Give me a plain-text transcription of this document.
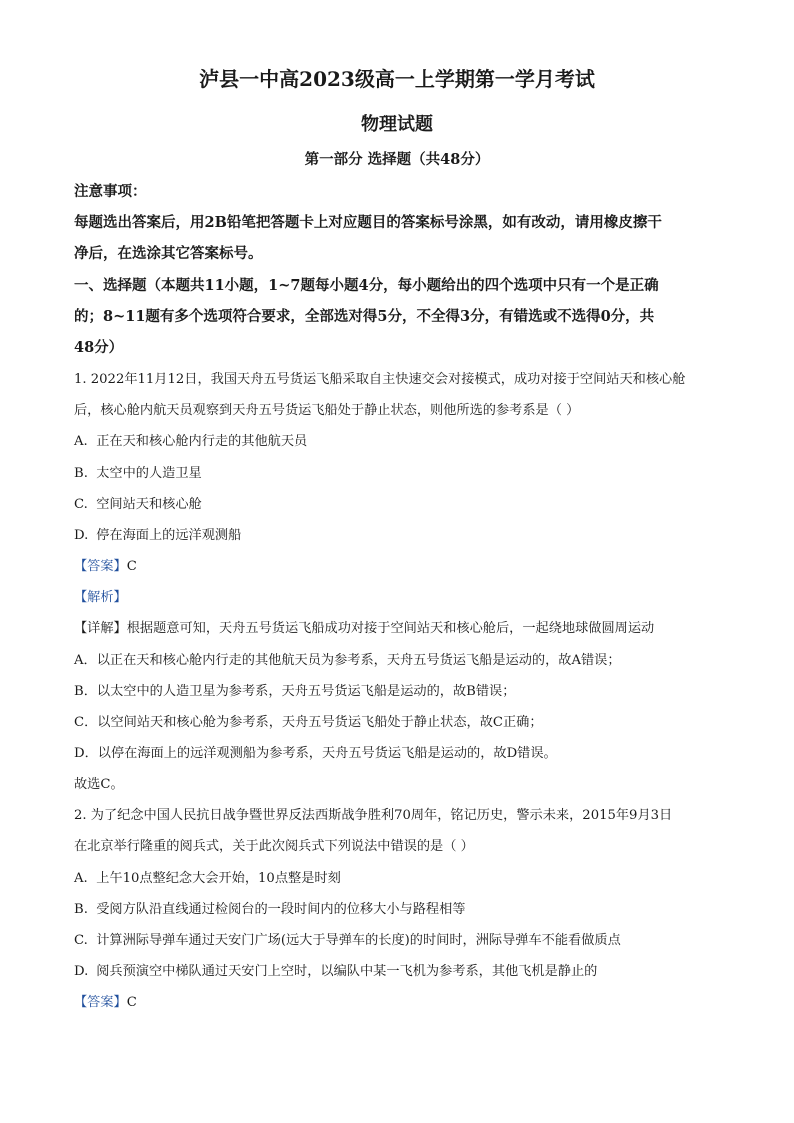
泸县一中高2023级高一上学期第一学月考试
物理试题
第一部分 选择题（共48分）
注意事项：
每题选出答案后，用2B铅笔把答题卡上对应题目的答案标号涂黑，如有改动，请用橡皮擦干
净后，在选涂其它答案标号。
一、选择题（本题共11小题，1~7题每小题4分，每小题给出的四个选项中只有一个是正确
的；8~11题有多个选项符合要求，全部选对得5分，不全得3分，有错选或不选得0分，共
48分）
1. 2022年11月12日，我国天舟五号货运飞船采取自主快速交会对接模式，成功对接于空间站天和核心舱
后，核心舱内航天员观察到天舟五号货运飞船处于静止状态，则他所选的参考系是（ ）
A. 正在天和核心舱内行走的其他航天员
B. 太空中的人造卫星
C. 空间站天和核心舱
D. 停在海面上的远洋观测船
【答案】C
【解析】
【详解】根据题意可知，天舟五号货运飞船成功对接于空间站天和核心舱后，一起绕地球做圆周运动
A．以正在天和核心舱内行走的其他航天员为参考系，天舟五号货运飞船是运动的，故A错误；
B．以太空中的人造卫星为参考系，天舟五号货运飞船是运动的，故B错误；
C．以空间站天和核心舱为参考系，天舟五号货运飞船处于静止状态，故C正确；
D．以停在海面上的远洋观测船为参考系，天舟五号货运飞船是运动的，故D错误。
故选C。
2. 为了纪念中国人民抗日战争暨世界反法西斯战争胜利70周年，铭记历史，警示未来，2015年9月3日
在北京举行隆重的阅兵式，关于此次阅兵式下列说法中错误的是（ ）
A. 上午10点整纪念大会开始，10点整是时刻
B. 受阅方队沿直线通过检阅台的一段时间内的位移大小与路程相等
C. 计算洲际导弹车通过天安门广场(远大于导弹车的长度)的时间时，洲际导弹车不能看做质点
D. 阅兵预演空中梯队通过天安门上空时，以编队中某一飞机为参考系，其他飞机是静止的
【答案】C
